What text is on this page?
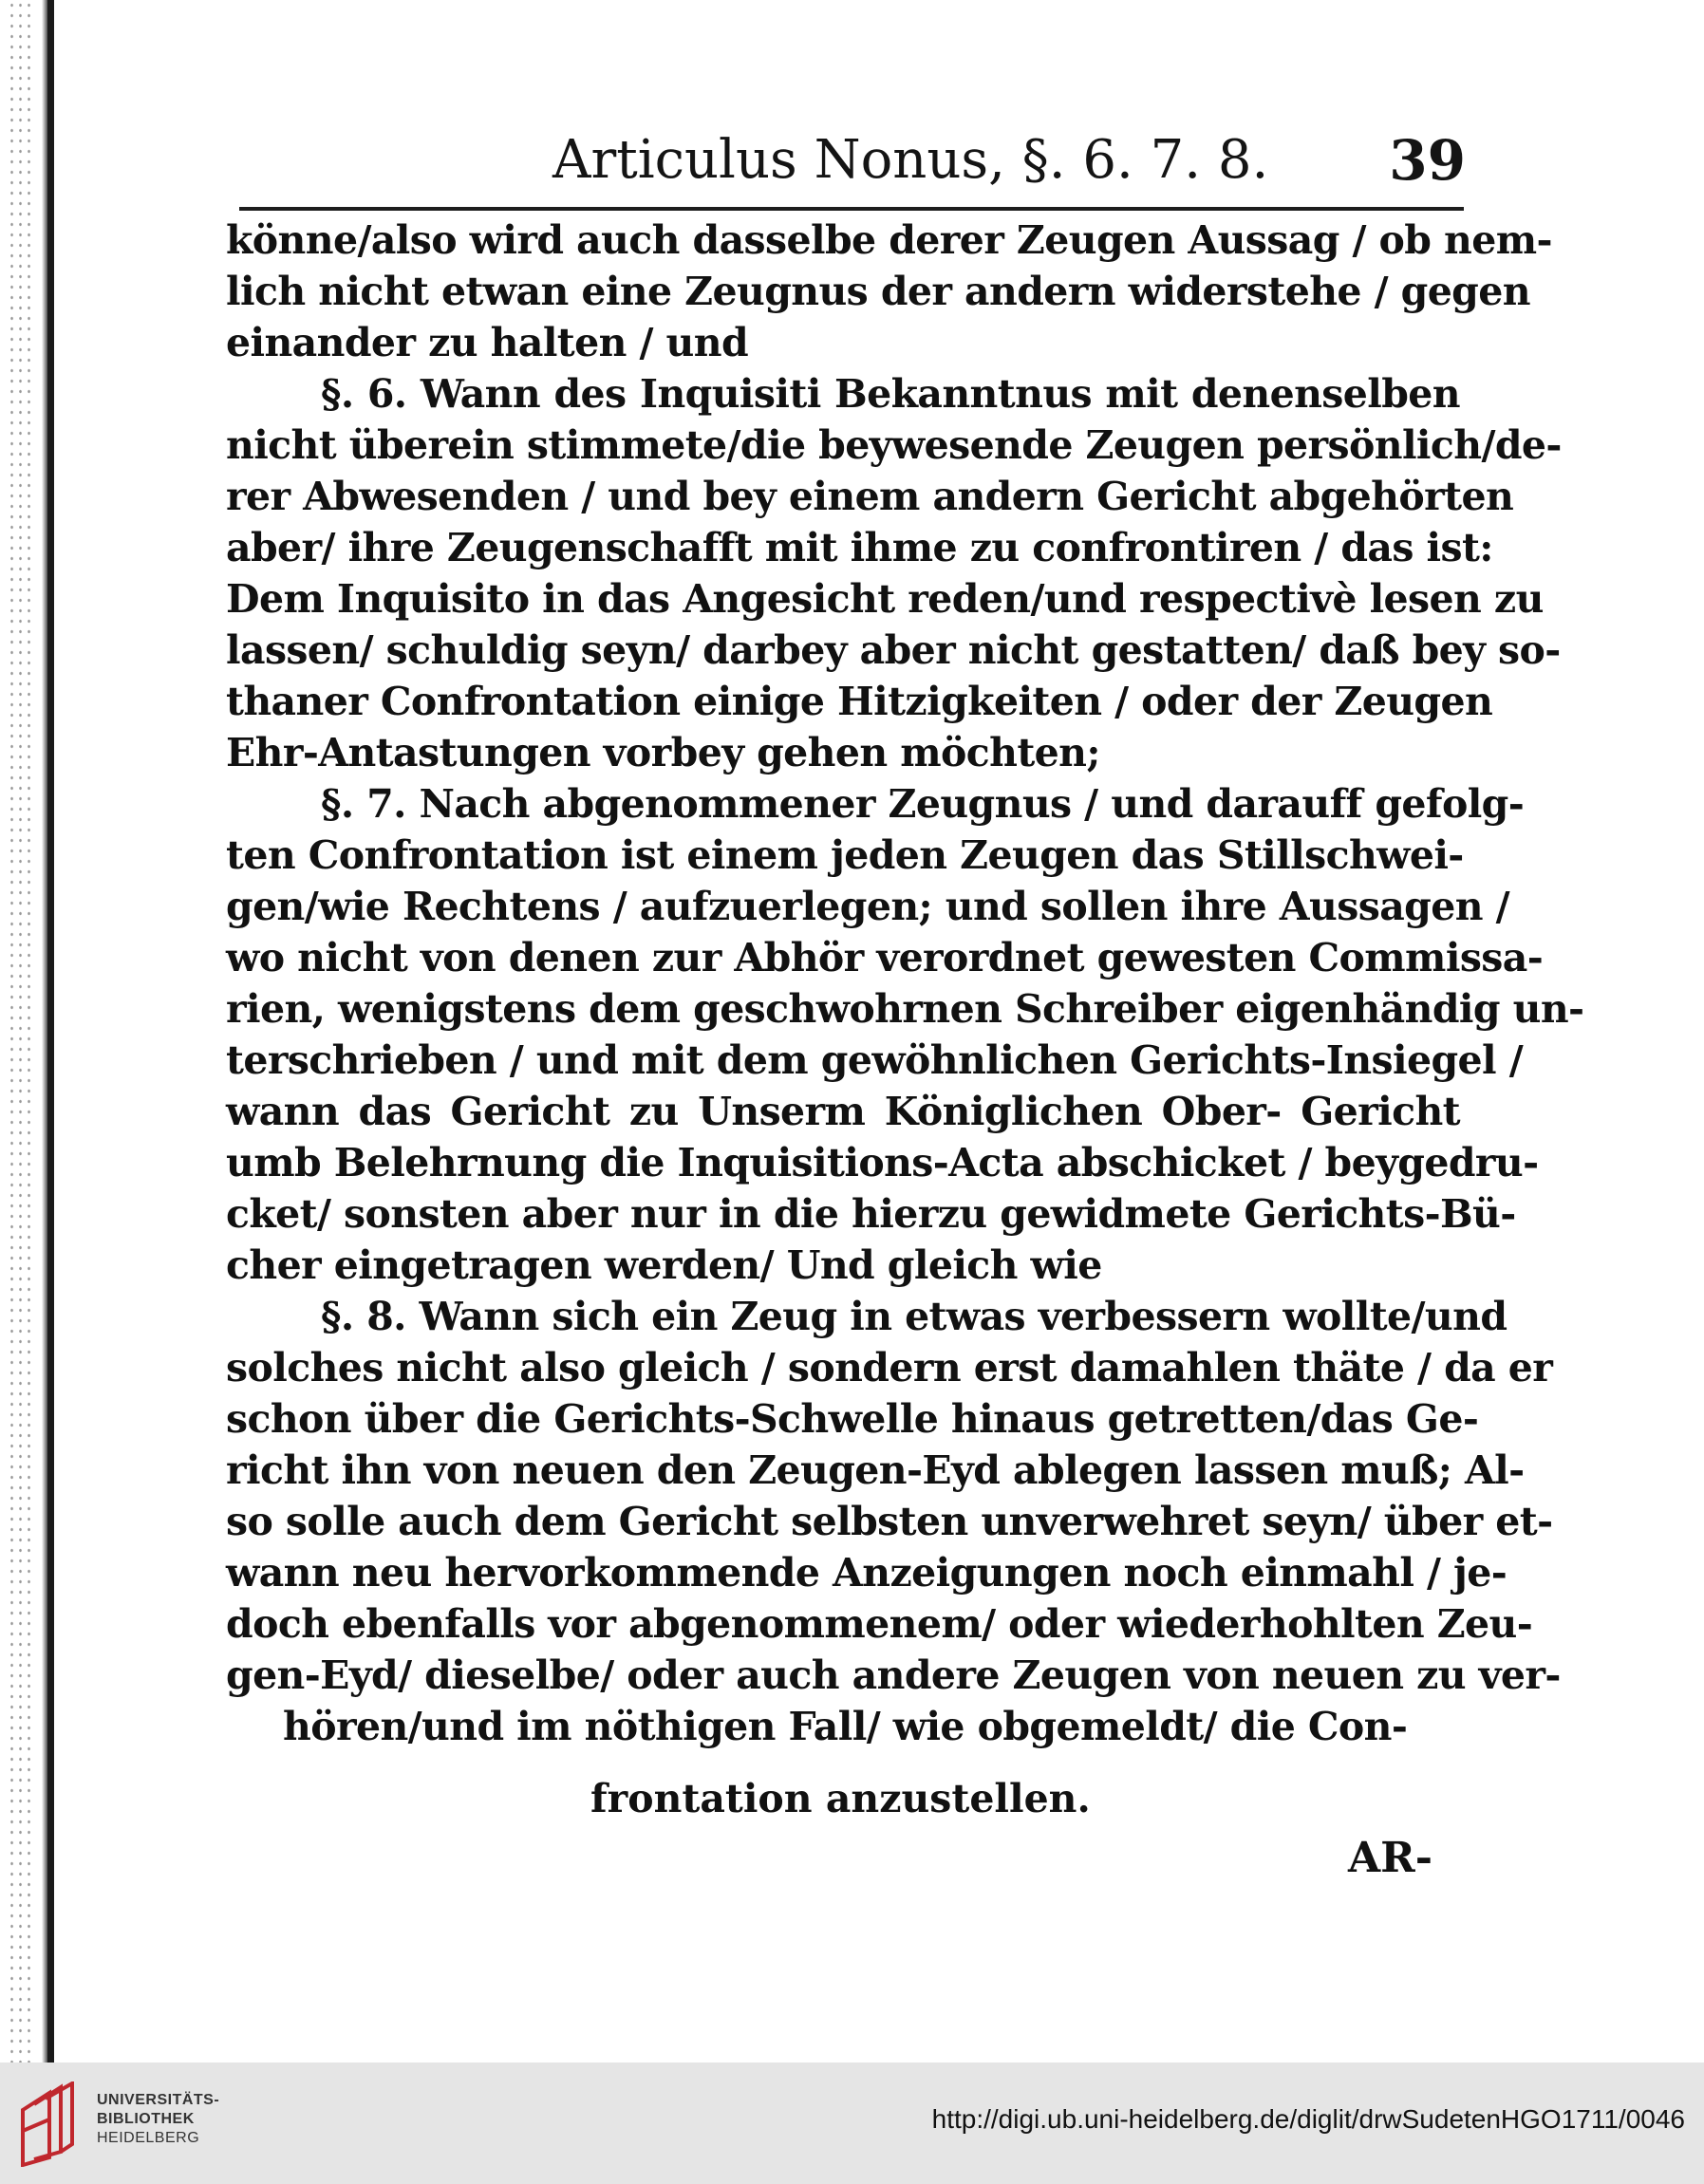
Articulus Nonus, §. 6. 7. 8. 39
könne/also wird auch dasselbe derer Zeugen Aussag / ob nem-
lich nicht etwan eine Zeugnus der andern widerstehe / gegen
einander zu halten / und
§. 6. Wann des Inquisiti Bekanntnus mit denenselben
nicht überein stimmete/die beywesende Zeugen persönlich/de-
rer Abwesenden / und bey einem andern Gericht abgehörten
aber/ ihre Zeugenschafft mit ihme zu confrontiren / das ist:
Dem Inquisito in das Angesicht reden/und respectivè lesen zu
lassen/ schuldig seyn/ darbey aber nicht gestatten/ daß bey so-
thaner Confrontation einige Hitzigkeiten / oder der Zeugen
Ehr-Antastungen vorbey gehen möchten;
§. 7. Nach abgenommener Zeugnus / und darauff gefolg-
ten Confrontation ist einem jeden Zeugen das Stillschwei-
gen/wie Rechtens / aufzuerlegen; und sollen ihre Aussagen /
wo nicht von denen zur Abhör verordnet gewesten Commissa-
rien, wenigstens dem geschwohrnen Schreiber eigenhändig un-
terschrieben / und mit dem gewöhnlichen Gerichts-Insiegel /
wann das Gericht zu Unserm Königlichen Ober- Gericht
umb Belehrnung die Inquisitions-Acta abschicket / beygedru-
cket/ sonsten aber nur in die hierzu gewidmete Gerichts-Bü-
cher eingetragen werden/ Und gleich wie
§. 8. Wann sich ein Zeug in etwas verbessern wollte/und
solches nicht also gleich / sondern erst damahlen thäte / da er
schon über die Gerichts-Schwelle hinaus getretten/das Ge-
richt ihn von neuen den Zeugen-Eyd ablegen lassen muß; Al-
so solle auch dem Gericht selbsten unverwehret seyn/ über et-
wann neu hervorkommende Anzeigungen noch einmahl / je-
doch ebenfalls vor abgenommenem/ oder wiederhohlten Zeu-
gen-Eyd/ dieselbe/ oder auch andere Zeugen von neuen zu ver-
hören/und im nöthigen Fall/ wie obgemeldt/ die Con-
frontation anzustellen.
AR-
UNIVERSITÄTS-
BIBLIOTHEK
HEIDELBERG
http://digi.ub.uni-heidelberg.de/diglit/drwSudetenHGO1711/0046
